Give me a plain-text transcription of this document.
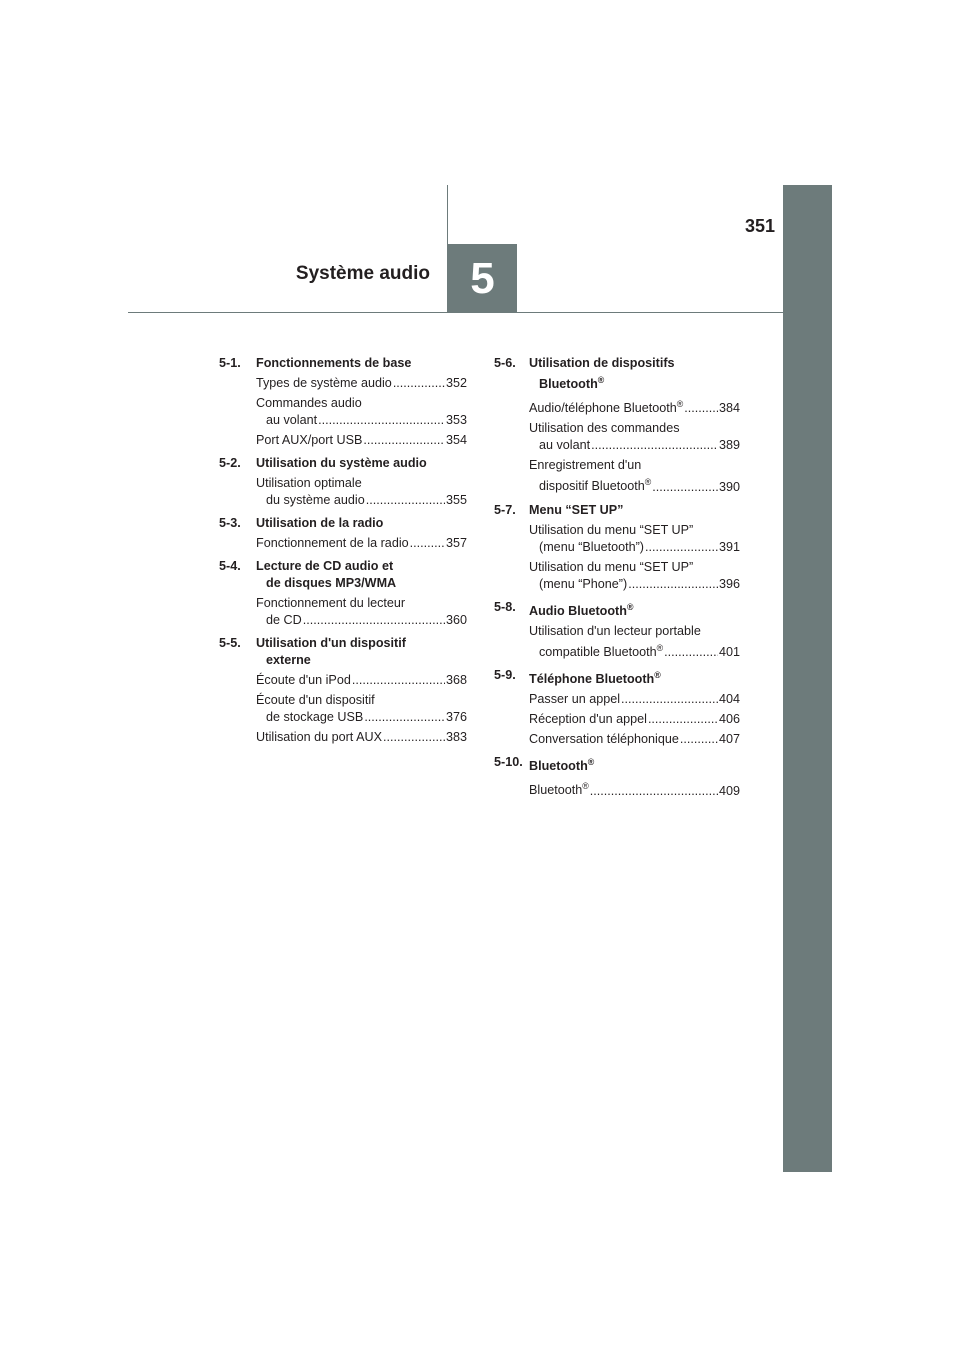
5
351
Système audio
5-1.	Fonctionnements de base
Types de système audio .....	352
Commandes audio
au volant .....	353
Port AUX/port USB .....	354
5-2.	Utilisation du système audio
Utilisation optimale
du système audio .....	355
5-3.	Utilisation de la radio
Fonctionnement de la radio .....	357
5-4.	Lecture de CD audio et
de disques MP3/WMA
Fonctionnement du lecteur
de CD .....	360
5-5.	Utilisation d'un dispositif
externe
Écoute d'un iPod .....	368
Écoute d'un dispositif
de stockage USB .....	376
Utilisation du port AUX .....	383
5-6.	Utilisation de dispositifs
Bluetooth®
Audio/téléphone Bluetooth® .....	384
Utilisation des commandes
au volant .....	389
Enregistrement d'un
dispositif Bluetooth® .....	390
5-7.	Menu “SET UP”
Utilisation du menu “SET UP”
(menu “Bluetooth”) .....	391
Utilisation du menu “SET UP”
(menu “Phone”) .....	396
5-8.	Audio Bluetooth®
Utilisation d'un lecteur portable
compatible Bluetooth® .....	401
5-9.	Téléphone Bluetooth®
Passer un appel .....	404
Réception d'un appel .....	406
Conversation téléphonique .....	407
5-10. Bluetooth®
Bluetooth® .....	409
